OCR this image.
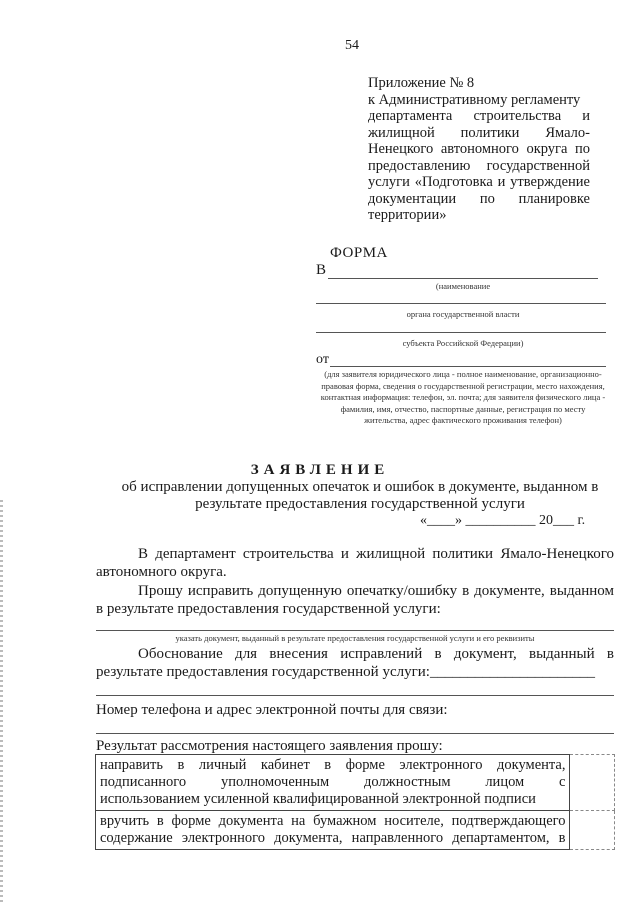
54
Приложение № 8
к Административному регламенту
департамента строительства и
жилищной политики Ямало-
Ненецкого автономного округа по
предоставлению государственной
услуги «Подготовка и утверждение
документации по планировке
территории»
ФОРМА
В
(наименование
органа государственной власти
субъекта Российской Федерации)
от
(для заявителя юридического лица - полное наименование, организационно-правовая форма, сведения о государственной регистрации, место нахождения, контактная информация: телефон, эл. почта; для заявителя физического лица - фамилия, имя, отчество, паспортные данные, регистрация по месту жительства, адрес фактического проживания телефон)
ЗАЯВЛЕНИЕ
об исправлении допущенных опечаток и ошибок в документе, выданном в результате предоставления государственной услуги
«____» __________ 20___ г.
В департамент строительства и жилищной политики Ямало-Ненецкого автономного округа.
Прошу исправить допущенную опечатку/ошибку в документе, выданном в результате предоставления государственной услуги:
указать документ, выданный в результате предоставления государственной услуги и его реквизиты
Обоснование для внесения исправлений в документ, выданный в результате предоставления государственной услуги:______________________
Номер телефона и адрес электронной почты для связи:
Результат рассмотрения настоящего заявления прошу:
направить в личный кабинет в форме электронного документа,
подписанного уполномоченным должностным лицом с
использованием усиленной квалифицированной электронной подписи	

вручить в форме документа на бумажном носителе, подтверждающего
содержание электронного документа, направленного департаментом, в	
